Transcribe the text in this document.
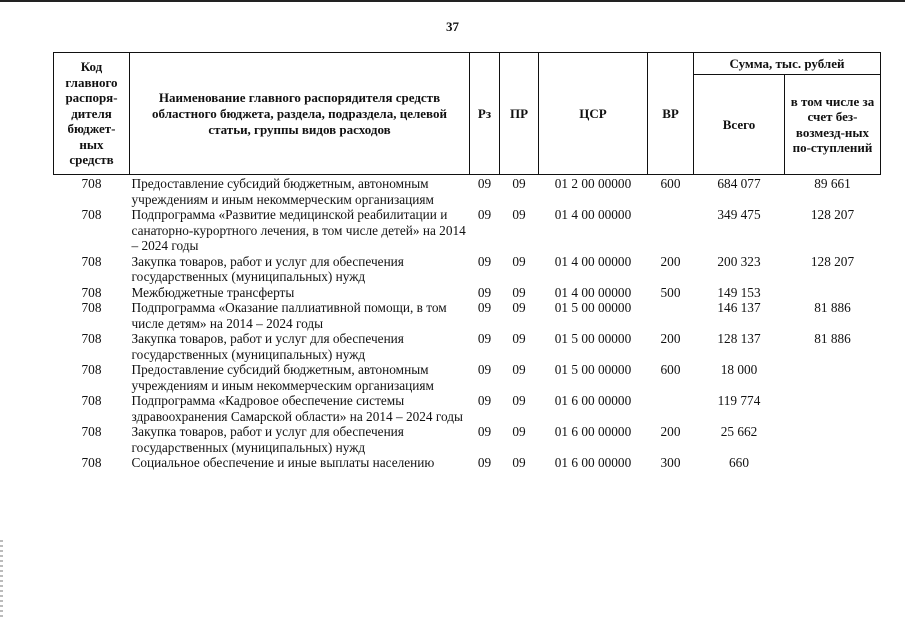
37
Код главного распоря-дителя бюджет-ных средств	Наименование главного распорядителя средств областного бюджета, раздела, подраздела, целевой статьи, группы видов расходов	Рз	ПР	ЦСР	ВР	Сумма, тыс. рублей	
						Всего	в том числе за счет без-возмезд-ных по-ступлений
708	Предоставление субсидий бюджетным, автономным учреждениям и иным некоммерческим организациям	09	09	01 2 00 00000	600	684 077	89 661
708	Подпрограмма «Развитие медицинской реабилитации и санаторно-курортного лечения, в том числе детей» на 2014 – 2024 годы	09	09	01 4 00 00000		349 475	128 207
708	Закупка товаров, работ и услуг для обеспечения государственных (муниципальных) нужд	09	09	01 4 00 00000	200	200 323	128 207
708	Межбюджетные трансферты	09	09	01 4 00 00000	500	149 153	
708	Подпрограмма «Оказание паллиативной помощи, в том числе детям» на 2014 – 2024 годы	09	09	01 5 00 00000		146 137	81 886
708	Закупка товаров, работ и услуг для обеспечения государственных (муниципальных) нужд	09	09	01 5 00 00000	200	128 137	81 886
708	Предоставление субсидий бюджетным, автономным учреждениям и иным некоммерческим организациям	09	09	01 5 00 00000	600	18 000	
708	Подпрограмма «Кадровое обеспечение системы здравоохранения Самарской области» на 2014 – 2024 годы	09	09	01 6 00 00000		119 774	
708	Закупка товаров, работ и услуг для обеспечения государственных (муниципальных) нужд	09	09	01 6 00 00000	200	25 662	
708	Социальное обеспечение и иные выплаты населению	09	09	01 6 00 00000	300	660	
